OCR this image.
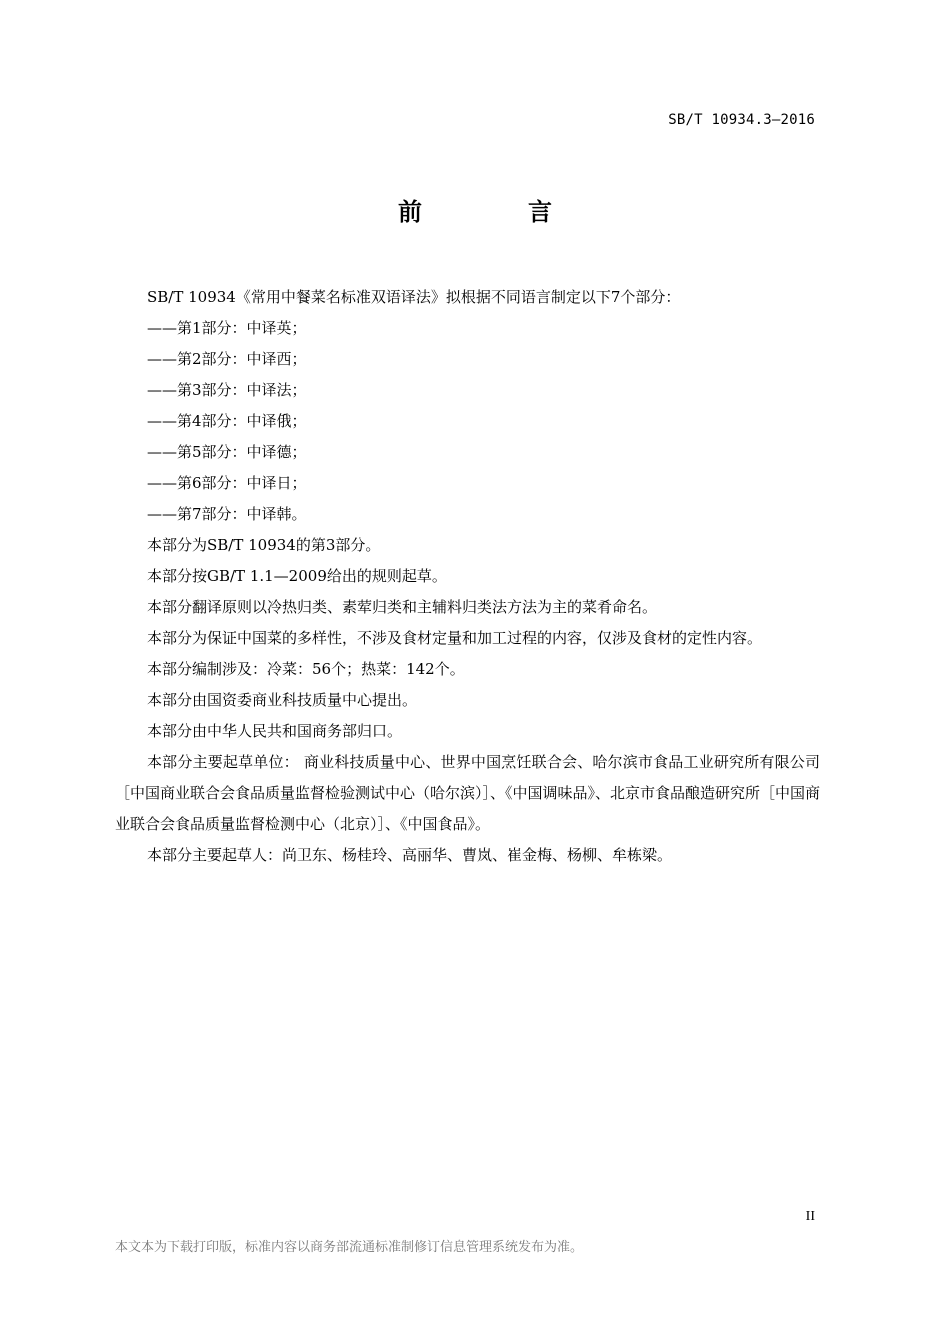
SB/T 10934.3—2016
前言

SB/T 10934《常用中餐菜名标准双语译法》拟根据不同语言制定以下7个部分：

——第1部分：中译英；

——第2部分：中译西；

——第3部分：中译法；

——第4部分：中译俄；

——第5部分：中译德；

——第6部分：中译日；

——第7部分：中译韩。

本部分为SB/T 10934的第3部分。

本部分按GB/T 1.1—2009给出的规则起草。

本部分翻译原则以冷热归类、素荤归类和主辅料归类法方法为主的菜肴命名。

本部分为保证中国菜的多样性，不涉及食材定量和加工过程的内容，仅涉及食材的定性内容。

本部分编制涉及：冷菜：56个；热菜：142个。

本部分由国资委商业科技质量中心提出。

本部分由中华人民共和国商务部归口。

本部分主要起草单位： 商业科技质量中心、世界中国烹饪联合会、哈尔滨市食品工业研究所有限公司［中国商业联合会食品质量监督检验测试中心（哈尔滨）］、《中国调味品》、北京市食品酿造研究所［中国商业联合会食品质量监督检测中心（北京）］、《中国食品》。

本部分主要起草人：尚卫东、杨桂玲、高丽华、曹岚、崔金梅、杨柳、牟栋梁。

II
本文本为下载打印版，标准内容以商务部流通标准制修订信息管理系统发布为准。
